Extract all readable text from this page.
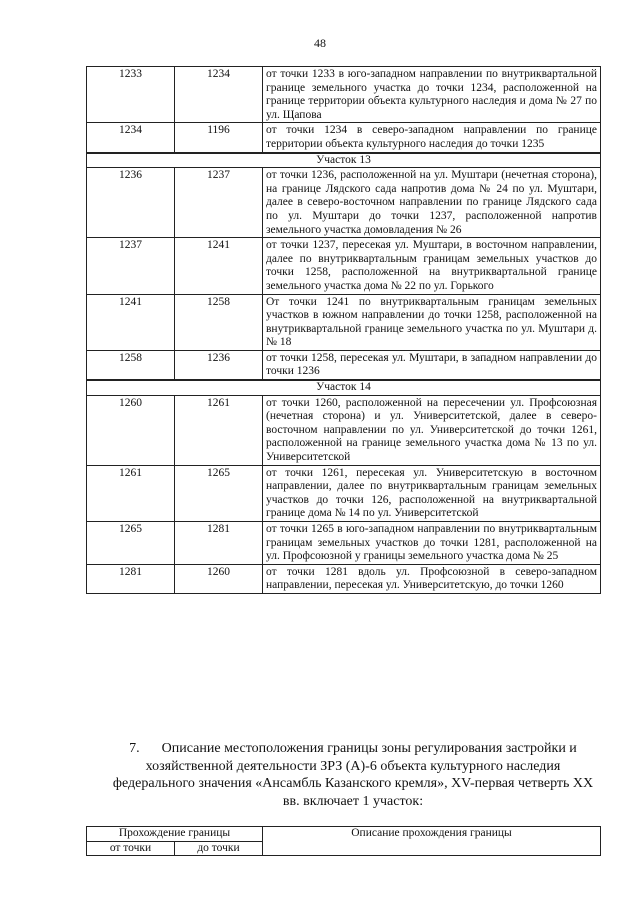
48
1233	1234	от точки 1233 в юго-западном направлении по внутриквартальной границе земельного участка до точки 1234, расположенной на границе территории объекта культурного наследия и дома № 27 по ул. Щапова
1234	1196	от точки 1234 в северо-западном направлении по границе территории объекта культурного наследия до точки 1235
Участок 13		
1236	1237	от точки 1236, расположенной на ул. Муштари (нечетная сторона), на границе Лядского сада напротив дома № 24 по ул. Муштари, далее в северо-восточном направлении по границе Лядского сада по ул. Муштари до точки 1237, расположенной напротив земельного участка домовладения № 26
1237	1241	от точки 1237, пересекая ул. Муштари, в восточном направлении, далее по внутриквартальным границам земельных участков до точки 1258, расположенной на внутриквартальной границе земельного участка дома № 22 по ул. Горького
1241	1258	От точки 1241 по внутриквартальным границам земельных участков в южном направлении до точки 1258, расположенной на внутриквартальной границе земельного участка по ул. Муштари д. № 18
1258	1236	от точки 1258, пересекая ул. Муштари, в западном направлении до точки 1236
Участок 14		
1260	1261	от точки 1260, расположенной на пересечении ул. Профсоюзная (нечетная сторона) и ул. Университетской, далее в северо-восточном направлении по ул. Университетской до точки 1261, расположенной на границе земельного участка дома № 13 по ул. Университетской
1261	1265	от точки 1261, пересекая ул. Университетскую в восточном направлении, далее по внутриквартальным границам земельных участков до точки 126, расположенной на внутриквартальной границе дома № 14 по ул. Университетской
1265	1281	от точки 1265 в юго-западном направлении по внутриквартальным границам земельных участков до точки 1281, расположенной на ул. Профсоюзной у границы земельного участка дома № 25
1281	1260	от точки 1281 вдоль ул. Профсоюзной в северо-западном направлении, пересекая ул. Университетскую, до точки 1260
7. Описание местоположения границы зоны регулирования застройки и хозяйственной деятельности ЗРЗ (А)-6 объекта культурного наследия федерального значения «Ансамбль Казанского кремля», XV-первая четверть XX вв. включает 1 участок:
Прохождение границы		Описание прохождения границы
от точки	до точки	
